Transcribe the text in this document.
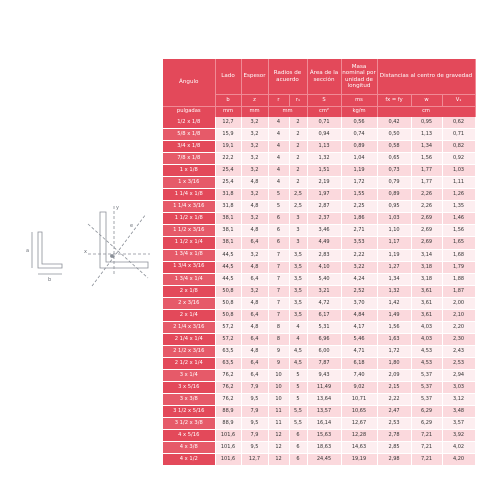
a
b
e
x
y
Ángulo	Lado	Espesor	Radios de acuerdo		Área de la sección	Masa nominal por unidad de longitud	Distancias al centro de gravedad		
	b	z	r	r₁	S	ms	fx = fy	w	V₁
pulgadas	mm	mm	mm		cm²	kg/m	cm		
1/2 x 1/8	12,7	3,2	4	2	0,71	0,56	0,42	0,95	0,62
5/8 x 1/8	15,9	3,2	4	2	0,94	0,74	0,50	1,13	0,71
3/4 x 1/8	19,1	3,2	4	2	1,13	0,89	0,58	1,34	0,82
7/8 x 1/8	22,2	3,2	4	2	1,32	1,04	0,65	1,56	0,92
1 x 1/8	25,4	3,2	4	2	1,51	1,19	0,73	1,77	1,03
1 x 3/16	25,4	4,8	4	2	2,19	1,72	0,79	1,77	1,11
1 1/4 x 1/8	31,8	3,2	5	2,5	1,97	1,55	0,89	2,26	1,26
1 1/4 x 3/16	31,8	4,8	5	2,5	2,87	2,25	0,95	2,26	1,35
1 1/2 x 1/8	38,1	3,2	6	3	2,37	1,86	1,03	2,69	1,46
1 1/2 x 3/16	38,1	4,8	6	3	3,46	2,71	1,10	2,69	1,56
1 1/2 x 1/4	38,1	6,4	6	3	4,49	3,53	1,17	2,69	1,65
1 3/4 x 1/8	44,5	3,2	7	3,5	2,83	2,22	1,19	3,14	1,68
1 3/4 x 3/16	44,5	4,8	7	3,5	4,10	3,22	1,27	3,18	1,79
1 3/4 x 1/4	44,5	6,4	7	3,5	5,40	4,24	1,34	3,18	1,88
2 x 1/8	50,8	3,2	7	3,5	3,21	2,52	1,32	3,61	1,87
2 x 3/16	50,8	4,8	7	3,5	4,72	3,70	1,42	3,61	2,00
2 x 1/4	50,8	6,4	7	3,5	6,17	4,84	1,49	3,61	2,10
2 1/4 x 3/16	57,2	4,8	8	4	5,31	4,17	1,56	4,03	2,20
2 1/4 x 1/4	57,2	6,4	8	4	6,96	5,46	1,63	4,03	2,30
2 1/2 x 3/16	63,5	4,8	9	4,5	6,00	4,71	1,72	4,53	2,43
2 1/2 x 1/4	63,5	6,4	9	4,5	7,87	6,18	1,80	4,53	2,53
3 x 1/4	76,2	6,4	10	5	9,43	7,40	2,09	5,37	2,94
3 x 5/16	76,2	7,9	10	5	11,49	9,02	2,15	5,37	3,03
3 x 3/8	76,2	9,5	10	5	13,64	10,71	2,22	5,37	3,12
3 1/2 x 5/16	88,9	7,9	11	5,5	13,57	10,65	2,47	6,29	3,48
3 1/2 x 3/8	88,9	9,5	11	5,5	16,14	12,67	2,53	6,29	3,57
4 x 5/16	101,6	7,9	12	6	15,63	12,28	2,78	7,21	3,92
4 x 3/8	101,6	9,5	12	6	18,63	14,63	2,85	7,21	4,02
4 x 1/2	101,6	12,7	12	6	24,45	19,19	2,98	7,21	4,20
